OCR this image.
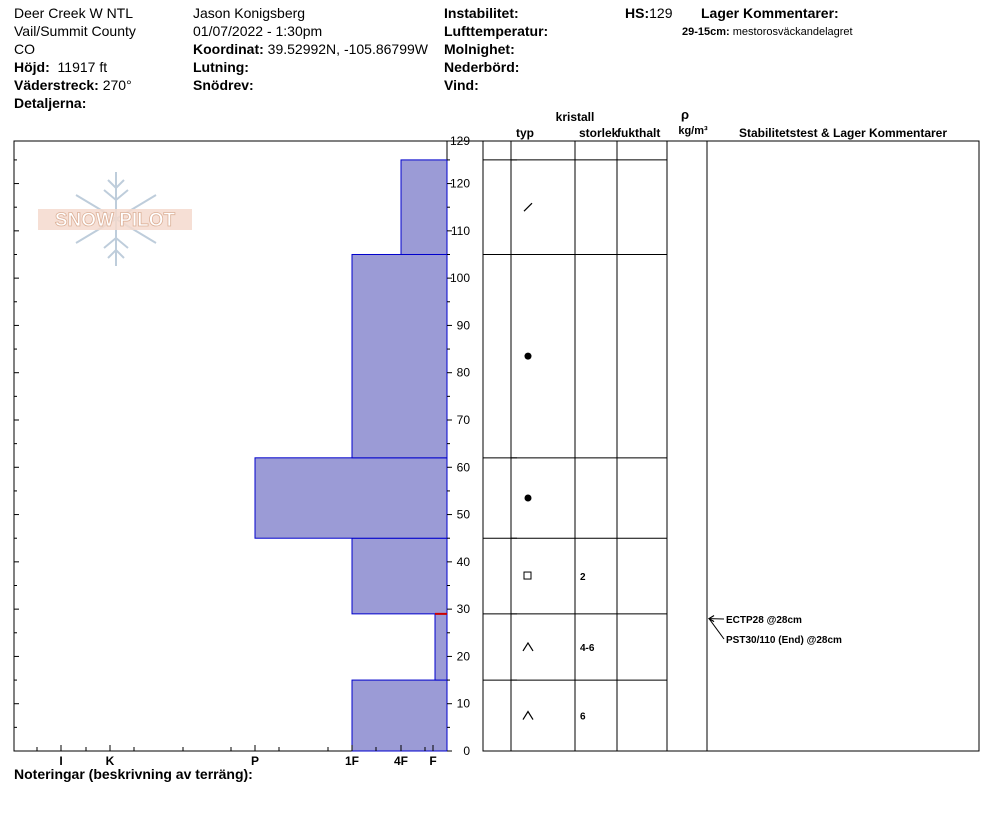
Deer Creek W NTL
Vail/Summit County
CO
Höjd: 11917 ft
Väderstreck: 270°
Detaljerna:
Jason Konigsberg
01/07/2022 - 1:30pm
Koordinat: 39.52992N, -105.86799W
Lutning:
Snödrev:
Instabilitet:
Lufttemperatur:
Molnighet:
Nederbörd:
Vind:
HS:129 Lager Kommentarer:
29-15cm: mestorosväckandelagret
Noteringar (beskrivning av terräng):
SNOW PILOT
0
10
20
30
40
50
60
70
80
90
100
110
120
129
I	K	P	1F	4F F
6
4-6
2
ECTP28 @28cm
PST30/110 (End) @28cm
kristall
typ	storlek
fukthalt
ρ
kg/m³	Stabilitetstest & Lager Kommentarer
